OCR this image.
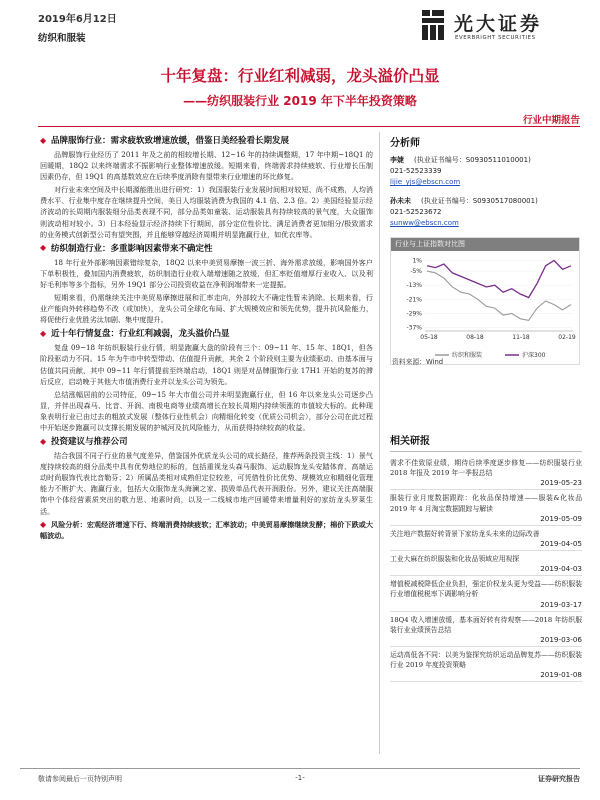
2019年6月12日
纺织和服装
光大证券
EVERBRIGHT SECURITIES
十年复盘：行业红利减弱，龙头溢价凸显
——纺织服装行业 2019 年下半年投资策略
行业中期报告
◆ 品牌服饰行业：需求疲软致增速放缓，借鉴日美经验看长期发展

品牌服饰行业经历了 2011 年及之前的相较增长期、12~16 年的持续调整期，17 年中期~18Q1 的回暖期，18Q2 以来终端需求不振影响行业整体增速放缓。短期来看，终端需求持续疲软、行业增长压制因素仍存，但 19Q1 的高基数效应在后续季度消除有望带来行业增速的环比修复。

对行业未来空间及中长期源能胜出进行研究：1）我国服装行业发展时间相对较短、尚不成熟，人均消费水平、行业集中度存在继续提升空间，美日人均服装消费为我国的 4.1 倍、2.3 倍。2）美国经验显示经济波动的长周期内服装细分品类表现不同，部分品类如童装、运动服装具有持续较高的景气度，大众服饰则波动相对较小。3）日本经验显示经济持续下行期间，部分定位性价比、满足消费者更加细分/极致需求的业务模式创新型公司有望突围，并且能够穿越经济周期并明显跑赢行业，如优衣库等。

◆ 纺织制造行业：多重影响因素带来不确定性

18 年行业外部影响因素错综复杂，18Q2 以来中美贸易摩擦一波三折、海外需求放缓，影响国外客户下单积极性，叠加国内消费疲软，纺织制造行业收入端增速随之放缓，但汇率贬值增厚行业收入、以及利好毛利率等多个指标，另外 19Q1 部分公司投资收益在净利润端带来一定提振。

短期来看，仍需继续关注中美贸易摩擦进展和汇率走向，外部较大不确定性暂未消除。长期来看，行业产能向外转移趋势不改（或加快），龙头公司全球化布局、扩大规模效应和领先优势，提升抗风险能力，将促使行业优胜劣汰加剧、集中度提升。

◆ 近十年行情复盘：行业红利减弱，龙头溢价凸显

复盘 09~18 年纺织服装行业行情，明显跑赢大盘的阶段有三个：09~11 年、15 年、18Q1，但各阶段驱动力不同。15 年为牛市中转型带动、估值提升贡献，其余 2 个阶段则主要为业绩驱动、由基本面与估值共同贡献，其中 09~11 年行情提前至终端启动，18Q1 则是对品牌服饰行业 17H1 开始的复苏的滞后反应，启动晚于其他大市值消费行业并以龙头公司为领先。

总结涨幅居前的公司特征，09~15 年大市值公司并未明显跑赢行业，但 16 年以来龙头公司逐步凸显，并伴出现森马、比音、开润、南极电商等业绩高增长在较长周期内持续领涨的市值较大标的。此种现象表明行业已由过去的粗放式发展（整体行业性机会）向精细化转变（优质公司机会），部分公司在此过程中开始逐步跑赢可以支撑长期发展的护城河及抗风险能力，从而获得持续较高的收益。

◆ 投资建议与推荐公司

结合我国不同子行业的景气度差异，借鉴国外优质龙头公司的成长路径，推荐两条投资主线：1）景气度持续较高的细分品类中具有优势地位的标的，包括重视龙头森马服饰、运动服饰龙头安踏体育、高端运动时尚服饰代表比音勒芬；2）所属品类相对成熟但定位较差，可凭借性价比优势、规模效应和精细化管理能力不断扩大、跑赢行业，包括大众服饰龙头海澜之家、损毁单品代表开润股份。另外，建议关注高端服饰中个体经营素质突出的歌力思、地素时尚，以及一二线城市地产回暖带来增量利好的家纺龙头罗莱生活。

◆ 风险分析：宏观经济增速下行、终端消费持续疲软；汇率波动；中美贸易摩擦继续发酵；棉价下跌或大幅波动。

分析师
李婕 (执业证书编号：S0930511010001)
021-52523339
lijie_yjs@ebscn.com
孙未未 (执业证书编号：S0930517080001)
021-52523672
sunww@ebscn.com
行业与上证指数对比图
1%
-5%
-13%
-21%
-29%
-37%
05-18	08-18	11-18	02-19
纺织和服装	沪深300
资料来源：Wind
相关研报
需求不佳致原业绩，期待后续季度逐步修复——纺织服装行业 2018 年报及 2019 年一季报总结
2019-05-23
服装行业月度数据跟踪：化妆品保持增速——服装&化妆品 2019 年 4 月淘宝数据跟踪与解读
2019-05-09
关注地产数据好转背景下家纺龙头未来的边际改善
2019-04-05
工业大麻在纺织服装和化妆品领域应用视探
2019-04-03
增值税减税降低企业负担，强定价权龙头更为受益——纺织服装行业增值税税率下调影响分析
2019-03-17
18Q4 收入增速放缓，基本面好转有待观察——2018 年纺织服装行业业绩预告总结
2019-03-06
运动高低各不同：以美为鉴探究纺织运动品牌复苏——纺织服装行业 2019 年度投资策略
2019-01-08
敬请参阅最后一页特别声明	-1-	证券研究报告
